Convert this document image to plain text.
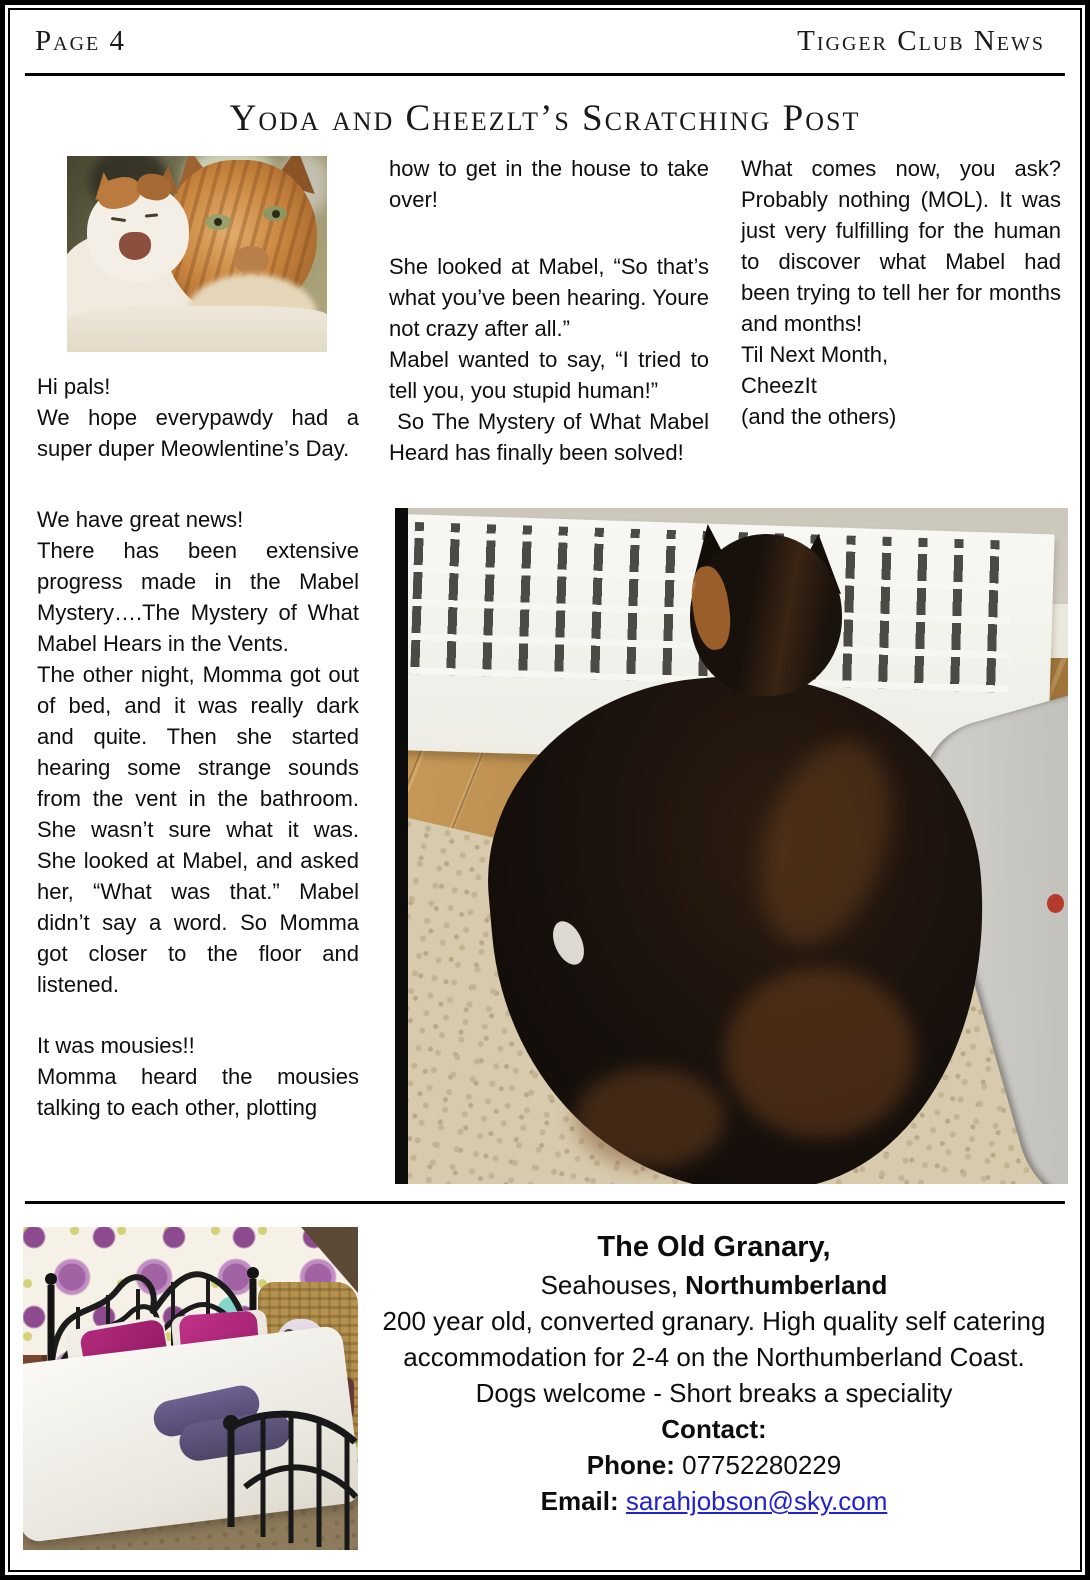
Page 4	Tigger Club News
Yoda and Cheezlt’s Scratching Post

Hi pals!

We hope everypawdy had a super duper Meowlentine’s Day.

We have great news!

There has been extensive progress made in the Mabel Mystery….The Mystery of What Mabel Hears in the Vents.

The other night, Momma got out of bed, and it was really dark and quite. Then she started hearing some strange sounds from the vent in the bathroom. She wasn’t sure what it was. She looked at Mabel, and asked her, “What was that.” Mabel didn’t say a word. So Momma got closer to the floor and listened.

It was mousies!!

Momma heard the mousies talking to each other, plotting

how to get in the house to take over!

She looked at Mabel, “So that’s what you’ve been hearing. Youre not crazy after all.”

Mabel wanted to say, “I tried to tell you, you stupid human!”

So The Mystery of What Mabel Heard has finally been solved!

What comes now, you ask? Probably nothing (MOL). It was just very fulfilling for the human to discover what Mabel had been trying to tell her for months and months!

Til Next Month,

CheezIt

(and the others)

The Old Granary,

Seahouses, Northumberland

200 year old, converted granary. High quality self catering accommodation for 2-4 on the Northumberland Coast.

Dogs welcome - Short breaks a speciality

Contact:

Phone: 07752280229

Email: sarahjobson@sky.com
